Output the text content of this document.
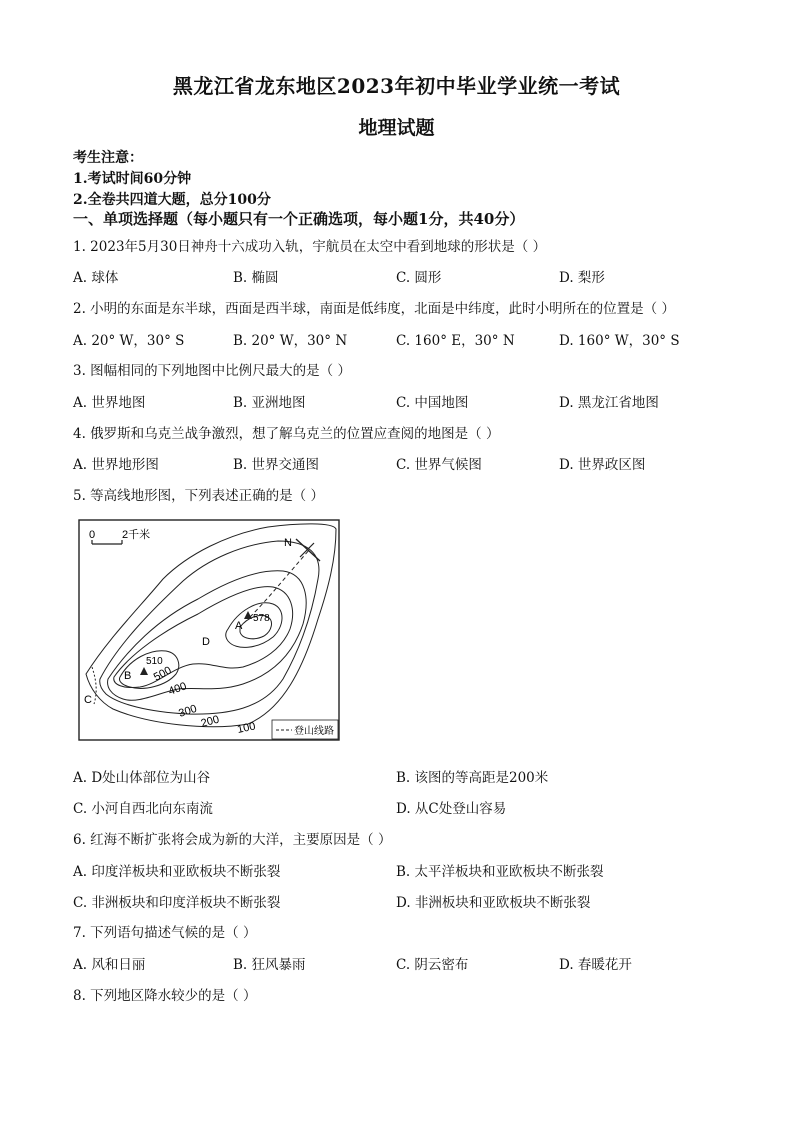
黑龙江省龙东地区2023年初中毕业学业统一考试
地理试题
考生注意：
1.考试时间60分钟
2.全卷共四道大题，总分100分
一、单项选择题（每小题只有一个正确选项，每小题1分，共40分）
1. 2023年5月30日神舟十六成功入轨，宇航员在太空中看到地球的形状是（ ）
A. 球体	B. 椭圆	C. 圆形	D. 梨形
2. 小明的东面是东半球，西面是西半球，南面是低纬度，北面是中纬度，此时小明所在的位置是（ ）
A. 20° W，30° S	B. 20° W，30° N	C. 160° E，30° N	D. 160° W，30° S
3. 图幅相同的下列地图中比例尺最大的是（ ）
A. 世界地图	B. 亚洲地图	C. 中国地图	D. 黑龙江省地图
4. 俄罗斯和乌克兰战争激烈，想了解乌克兰的位置应查阅的地图是（ ）
A. 世界地形图	B. 世界交通图	C. 世界气候图	D. 世界政区图
5. 等高线地形图，下列表述正确的是（ ）
0 2千米
N
A
578
B
510
C
D
500
400
300
200 100	登山线路
A. D处山体部位为山谷	B. 该图的等高距是200米
C. 小河自西北向东南流	D. 从C处登山容易
6. 红海不断扩张将会成为新的大洋，主要原因是（ ）
A. 印度洋板块和亚欧板块不断张裂	B. 太平洋板块和亚欧板块不断张裂
C. 非洲板块和印度洋板块不断张裂	D. 非洲板块和亚欧板块不断张裂
7. 下列语句描述气候的是（ ）
A. 风和日丽	B. 狂风暴雨	C. 阴云密布	D. 春暖花开
8. 下列地区降水较少的是（ ）
